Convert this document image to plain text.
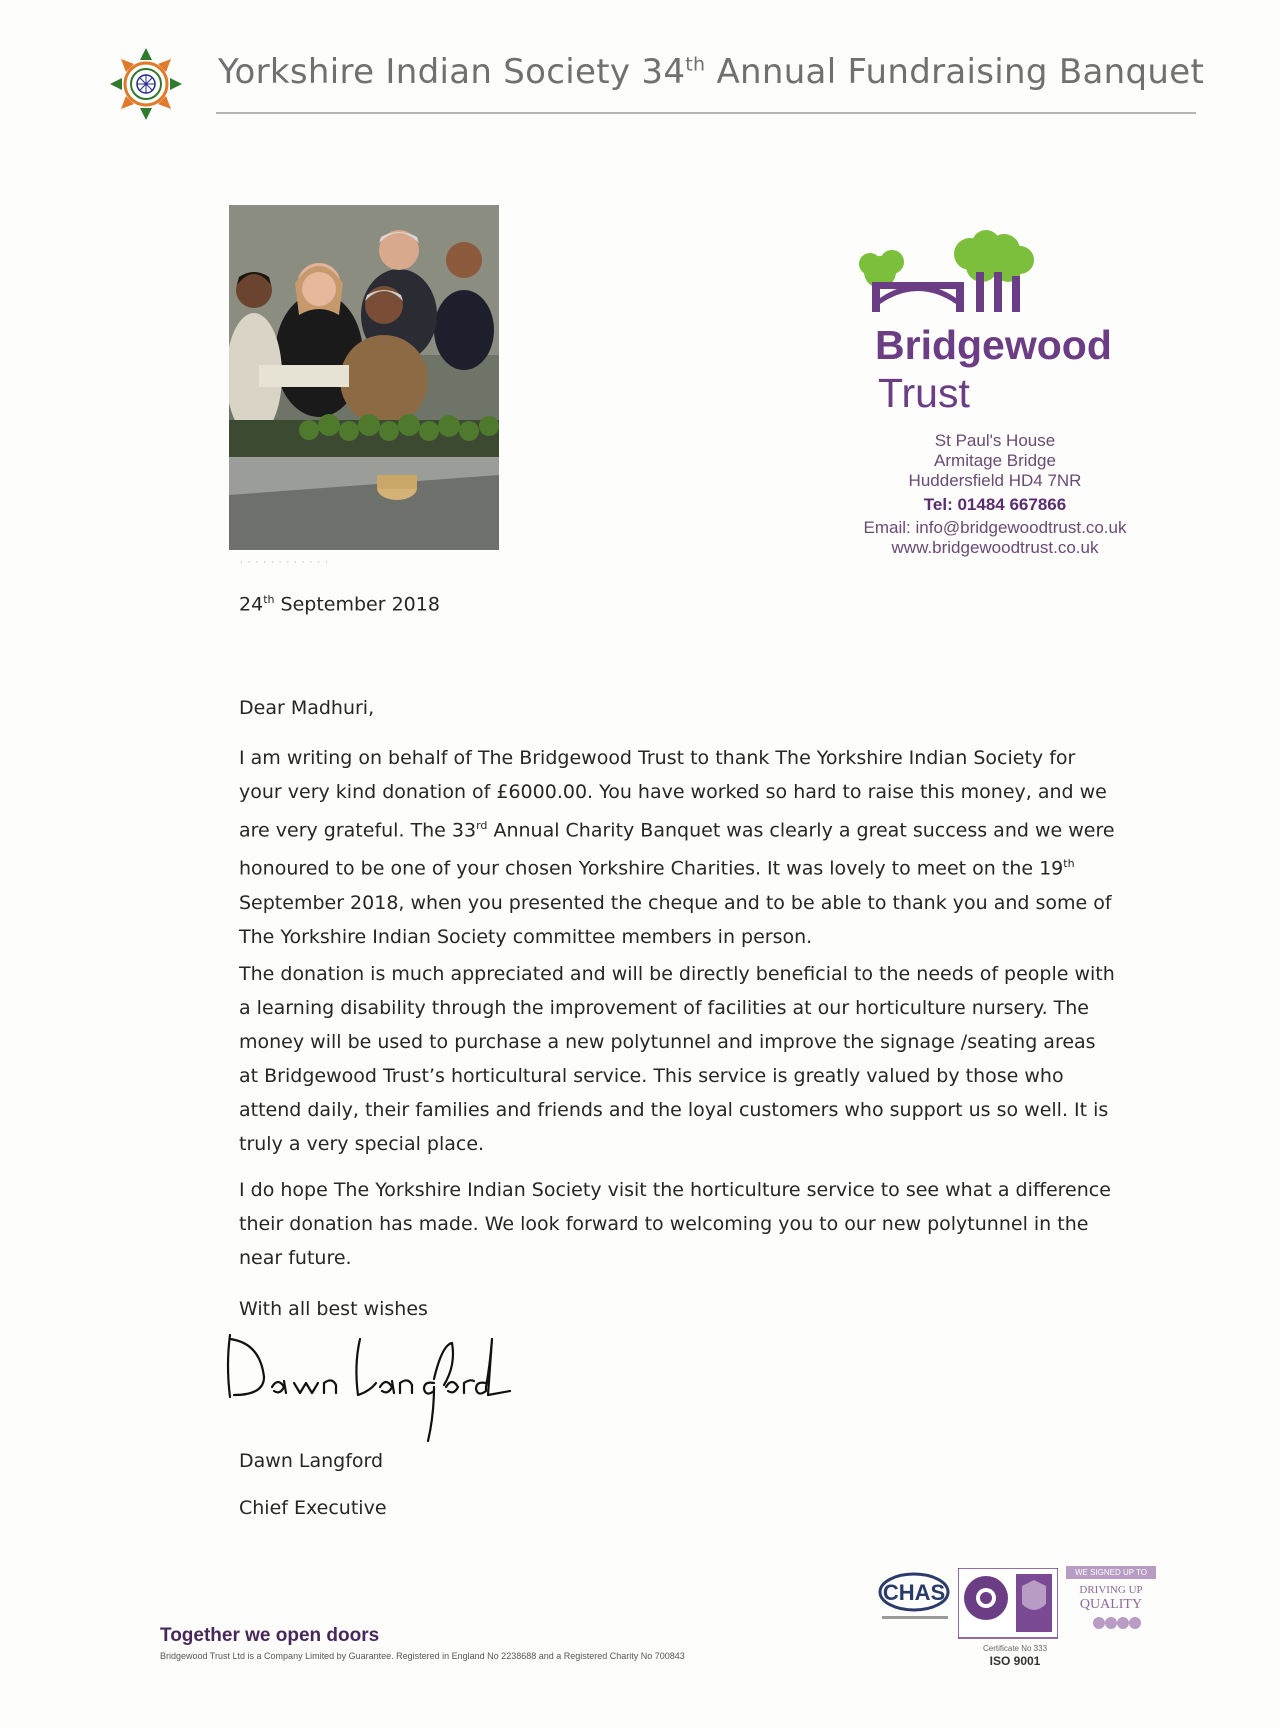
Yorkshire Indian Society 34th Annual Fundraising Banquet
· · · · · · · · · · · ·
Bridgewood
Trust
St Paul's House
Armitage Bridge
Huddersfield HD4 7NR
Tel: 01484 667866
Email: info@bridgewoodtrust.co.uk
www.bridgewoodtrust.co.uk
24th September 2018
Dear Madhuri,
I am writing on behalf of The Bridgewood Trust to thank The Yorkshire Indian Society for your very kind donation of £6000.00. You have worked so hard to raise this money, and we are very grateful. The 33rd Annual Charity Banquet was clearly a great success and we were honoured to be one of your chosen Yorkshire Charities. It was lovely to meet on the 19th September 2018, when you presented the cheque and to be able to thank you and some of The Yorkshire Indian Society committee members in person.
The donation is much appreciated and will be directly beneficial to the needs of people with a learning disability through the improvement of facilities at our horticulture nursery. The money will be used to purchase a new polytunnel and improve the signage /seating areas at Bridgewood Trust’s horticultural service. This service is greatly valued by those who attend daily, their families and friends and the loyal customers who support us so well. It is truly a very special place.
I do hope The Yorkshire Indian Society visit the horticulture service to see what a difference their donation has made. We look forward to welcoming you to our new polytunnel in the near future.
With all best wishes
Dawn Langford
Chief Executive
Together we open doors
Bridgewood Trust Ltd is a Company Limited by Guarantee. Registered in England No 2238688 and a Registered Charity No 700843
CHAS
Certificate No 333
ISO 9001
WE SIGNED UP TO
DRIVING UP
QUALITY
